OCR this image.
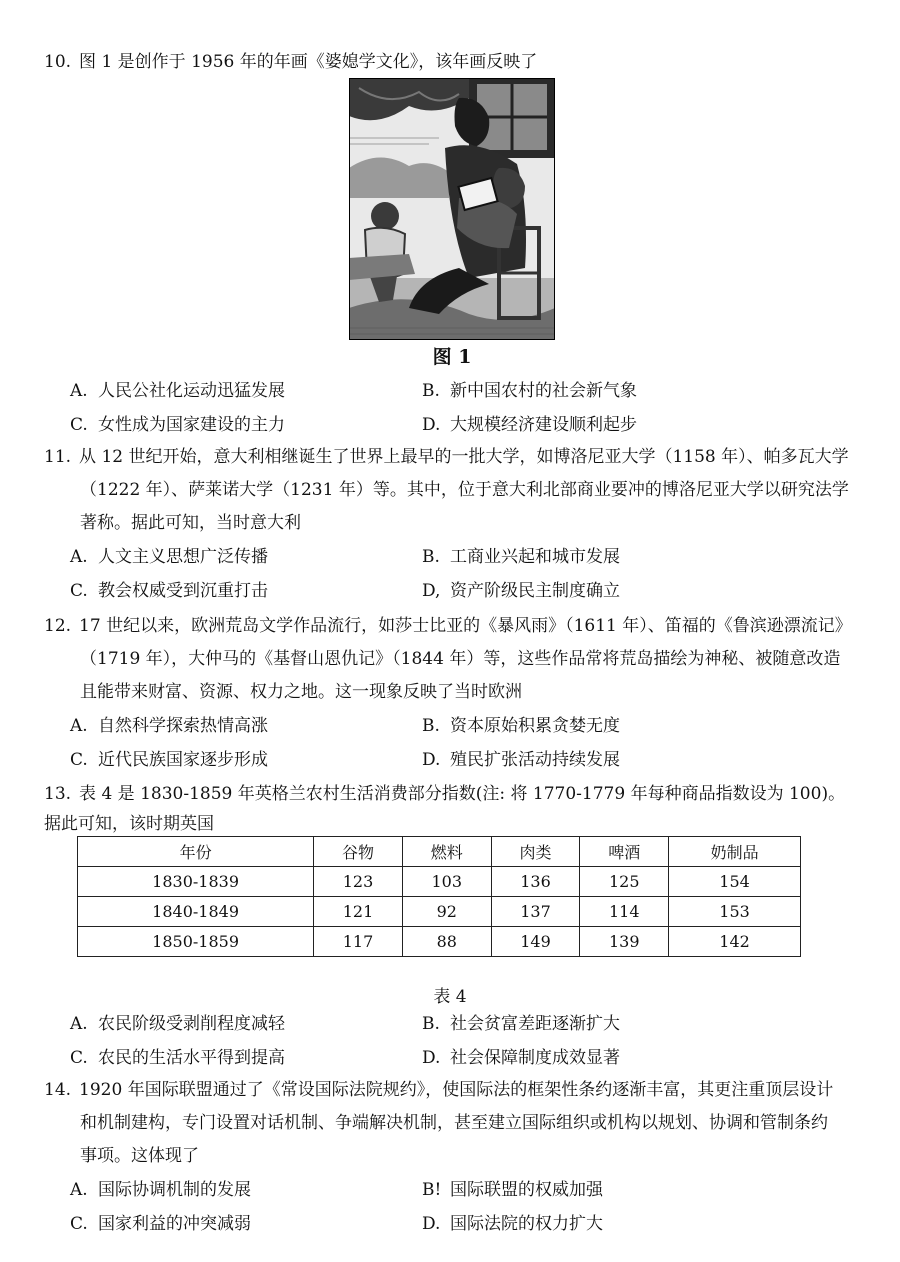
10. 图 1 是创作于 1956 年的年画《婆媳学文化》，该年画反映了
图 1
A. 人民公社化运动迅猛发展	B. 新中国农村的社会新气象
C. 女性成为国家建设的主力	D. 大规模经济建设顺利起步
11. 从 12 世纪开始，意大利相继诞生了世界上最早的一批大学，如博洛尼亚大学（1158 年）、帕多瓦大学
（1222 年）、萨莱诺大学（1231 年）等。其中，位于意大利北部商业要冲的博洛尼亚大学以研究法学
著称。据此可知，当时意大利
A. 人文主义思想广泛传播	B. 工商业兴起和城市发展
C. 教会权威受到沉重打击	D, 资产阶级民主制度确立
12. 17 世纪以来，欧洲荒岛文学作品流行，如莎士比亚的《暴风雨》（1611 年）、笛福的《鲁滨逊漂流记》
（1719 年），大仲马的《基督山恩仇记》（1844 年）等，这些作品常将荒岛描绘为神秘、被随意改造
且能带来财富、资源、权力之地。这一现象反映了当时欧洲
A. 自然科学探索热情高涨	B. 资本原始积累贪婪无度
C. 近代民族国家逐步形成	D. 殖民扩张活动持续发展
13. 表 4 是 1830-1859 年英格兰农村生活消费部分指数(注: 将 1770-1779 年每种商品指数设为 100)。
据此可知，该时期英国
年份	谷物	燃料	肉类	啤酒	奶制品
1830-1839	123	103	136	125	154
1840-1849	121	92	137	114	153
1850-1859	117	88	149	139	142
表 4
A. 农民阶级受剥削程度减轻	B. 社会贫富差距逐渐扩大
C. 农民的生活水平得到提高	D. 社会保障制度成效显著
14. 1920 年国际联盟通过了《常设国际法院规约》，使国际法的框架性条约逐渐丰富，其更注重顶层设计
和机制建构，专门设置对话机制、争端解决机制，甚至建立国际组织或机构以规划、协调和管制条约
事项。这体现了
A. 国际协调机制的发展	B! 国际联盟的权威加强
C. 国家利益的冲突减弱	D. 国际法院的权力扩大
